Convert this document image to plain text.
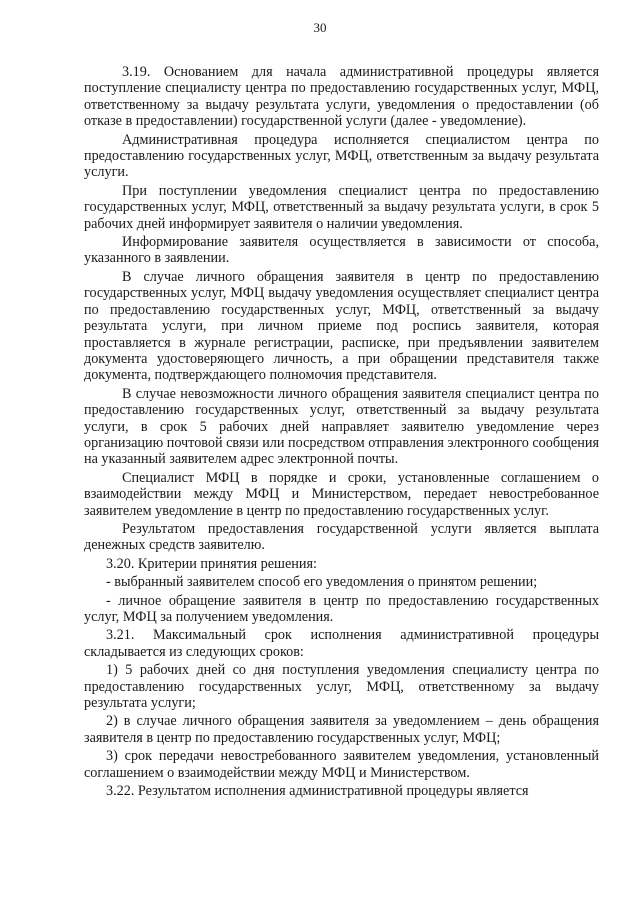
30

3.19. Основанием для начала административной процедуры является поступление специалисту центра по предоставлению государственных услуг, МФЦ, ответственному за выдачу результата услуги, уведомления о предоставлении (об отказе в предоставлении) государственной услуги (далее - уведомление).

Административная процедура исполняется специалистом центра по предоставлению государственных услуг, МФЦ, ответственным за выдачу результата услуги.

При поступлении уведомления специалист центра по предоставлению государственных услуг, МФЦ, ответственный за выдачу результата услуги, в срок 5 рабочих дней информирует заявителя о наличии уведомления.

Информирование заявителя осуществляется в зависимости от способа, указанного в заявлении.

В случае личного обращения заявителя в центр по предоставлению государственных услуг, МФЦ выдачу уведомления осуществляет специалист центра по предоставлению государственных услуг, МФЦ, ответственный за выдачу результата услуги, при личном приеме под роспись заявителя, которая проставляется в журнале регистрации, расписке, при предъявлении заявителем документа удостоверяющего личность, а при обращении представителя также документа, подтверждающего полномочия представителя.

В случае невозможности личного обращения заявителя специалист центра по предоставлению государственных услуг, ответственный за выдачу результата услуги, в срок 5 рабочих дней направляет заявителю уведомление через организацию почтовой связи или посредством отправления электронного сообщения на указанный заявителем адрес электронной почты.

Специалист МФЦ в порядке и сроки, установленные соглашением о взаимодействии между МФЦ и Министерством, передает невостребованное заявителем уведомление в центр по предоставлению государственных услуг.

Результатом предоставления государственной услуги является выплата денежных средств заявителю.

3.20. Критерии принятия решения:

- выбранный заявителем способ его уведомления о принятом решении;

- личное обращение заявителя в центр по предоставлению государственных услуг, МФЦ за получением уведомления.

3.21. Максимальный срок исполнения административной процедуры складывается из следующих сроков:

1) 5 рабочих дней со дня поступления уведомления специалисту центра по предоставлению государственных услуг, МФЦ, ответственному за выдачу результата услуги;

2) в случае личного обращения заявителя за уведомлением – день обращения заявителя в центр по предоставлению государственных услуг, МФЦ;

3) срок передачи невостребованного заявителем уведомления, установленный соглашением о взаимодействии между МФЦ и Министерством.

3.22. Результатом исполнения административной процедуры является
